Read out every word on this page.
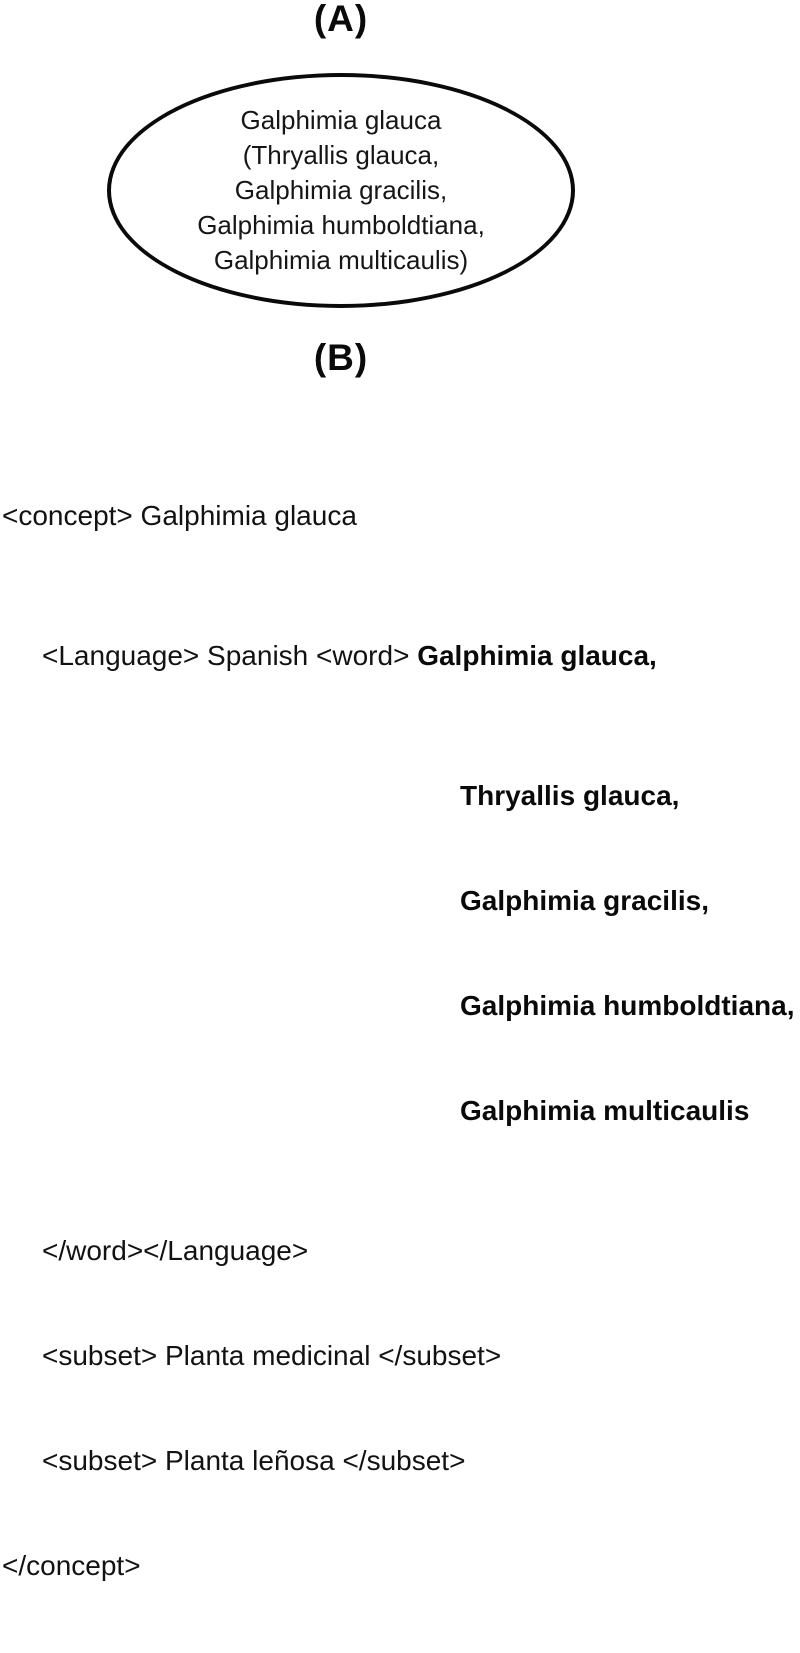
(A)
Galphimia glauca
(Thryallis glauca,
Galphimia gracilis,
Galphimia humboldtiana,
Galphimia multicaulis)
(B)

<concept> Galphimia glauca

<Language> Spanish <word> Galphimia glauca,

Thryallis glauca,

Galphimia gracilis,

Galphimia humboldtiana,

Galphimia multicaulis

</word></Language>

<subset> Planta medicinal </subset>

<subset> Planta leñosa </subset>

</concept>
